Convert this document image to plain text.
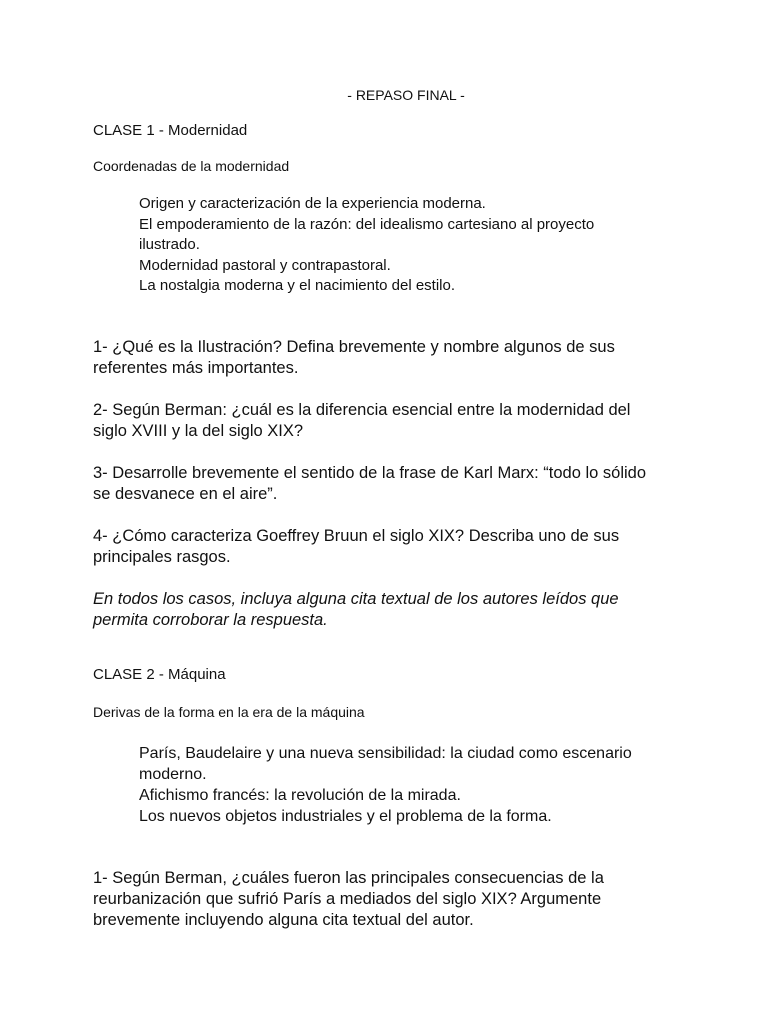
- REPASO FINAL -
CLASE 1 - Modernidad
Coordenadas de la modernidad
Origen y caracterización de la experiencia moderna.
El empoderamiento de la razón: del idealismo cartesiano al proyecto ilustrado.
Modernidad pastoral y contrapastoral.
La nostalgia moderna y el nacimiento del estilo.
1- ¿Qué es la Ilustración? Defina brevemente y nombre algunos de sus referentes más importantes.
2- Según Berman: ¿cuál es la diferencia esencial entre la modernidad del siglo XVIII y la del siglo XIX?
3- Desarrolle brevemente el sentido de la frase de Karl Marx: “todo lo sólido se desvanece en el aire”.
4- ¿Cómo caracteriza Goeffrey Bruun el siglo XIX? Describa uno de sus principales rasgos.
En todos los casos, incluya alguna cita textual de los autores leídos que permita corroborar la respuesta.
CLASE 2 - Máquina
Derivas de la forma en la era de la máquina
París, Baudelaire y una nueva sensibilidad: la ciudad como escenario moderno.
Afichismo francés: la revolución de la mirada.
Los nuevos objetos industriales y el problema de la forma.
1- Según Berman, ¿cuáles fueron las principales consecuencias de la reurbanización que sufrió París a mediados del siglo XIX? Argumente brevemente incluyendo alguna cita textual del autor.
